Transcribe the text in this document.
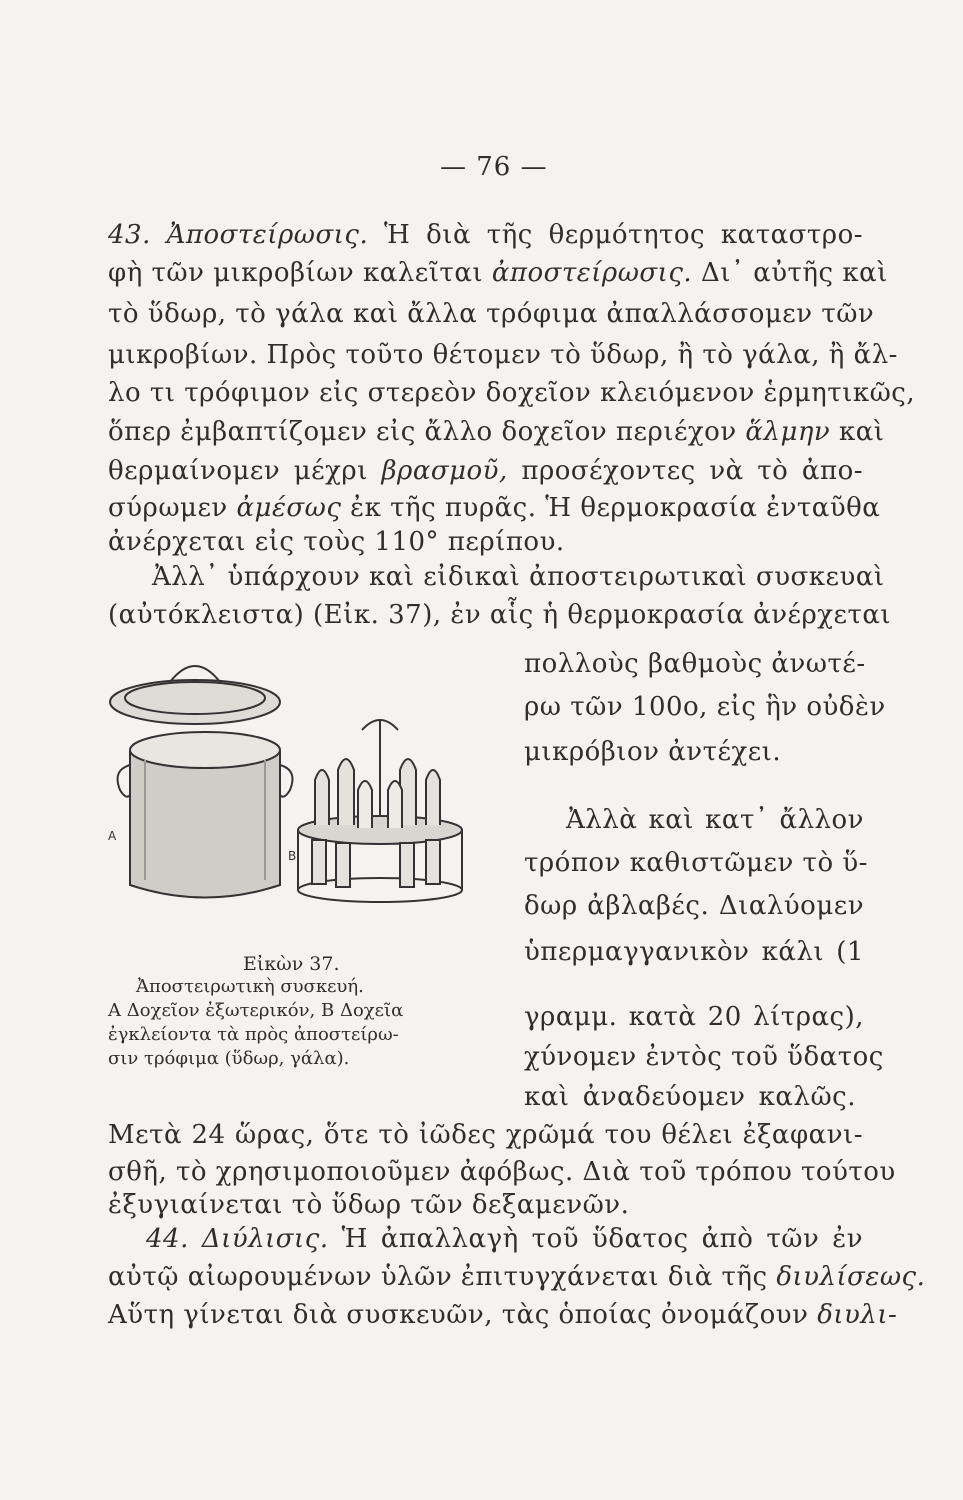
— 76 —
43. Ἀποστείρωσις. Ἡ διὰ τῆς θερμότητος καταστρο-
φὴ τῶν μικροβίων καλεῖται ἀποστείρωσις. Δι᾿ αὐτῆς καὶ
τὸ ὕδωρ, τὸ γάλα καὶ ἄλλα τρόφιμα ἀπαλλάσσομεν τῶν
μικροβίων. Πρὸς τοῦτο θέτομεν τὸ ὕδωρ, ἢ τὸ γάλα, ἢ ἄλ-
λο τι τρόφιμον εἰς στερεὸν δοχεῖον κλειόμενον ἑρμητικῶς,
ὅπερ ἐμβαπτίζομεν εἰς ἄλλο δοχεῖον περιέχον ἅλμην καὶ
θερμαίνομεν μέχρι βρασμοῦ, προσέχοντες νὰ τὸ ἀπο-
σύρωμεν ἀμέσως ἐκ τῆς πυρᾶς. Ἡ θερμοκρασία ἐνταῦθα
ἀνέρχεται εἰς τοὺς 110° περίπου.
Ἀλλ᾿ ὑπάρχουν καὶ εἰδικαὶ ἀποστειρωτικαὶ συσκευαὶ
(αὐτόκλειστα) (Εἰκ. 37), ἐν αἷς ἡ θερμοκρασία ἀνέρχεται
πολλοὺς βαθμοὺς ἀνωτέ-
ρω τῶν 100ο, εἰς ἣν οὐδὲν
μικρόβιον ἀντέχει.
Ἀλλὰ καὶ κατ᾿ ἄλλον
τρόπον καθιστῶμεν τὸ ὕ-
δωρ ἀβλαβές. Διαλύομεν
ὑπερμαγγανικὸν κάλι (1
γραμμ. κατὰ 20 λίτρας),
χύνομεν ἐντὸς τοῦ ὕδατος
καὶ ἀναδεύομεν καλῶς.
Α
Β
Εἰκὼν 37.
Ἀποστειρωτικὴ συσκευή.
Α Δοχεῖον ἐξωτερικόν, Β Δοχεῖα
ἐγκλείοντα τὰ πρὸς ἀποστείρω-
σιν τρόφιμα (ὕδωρ, γάλα).
Μετὰ 24 ὥρας, ὅτε τὸ ἰῶδες χρῶμά του θέλει ἐξαφανι-
σθῆ, τὸ χρησιμοποιοῦμεν ἀφόβως. Διὰ τοῦ τρόπου τούτου
ἐξυγιαίνεται τὸ ὕδωρ τῶν δεξαμενῶν.
44. Διύλισις. Ἡ ἀπαλλαγὴ τοῦ ὕδατος ἀπὸ τῶν ἐν
αὐτῷ αἰωρουμένων ὑλῶν ἐπιτυγχάνεται διὰ τῆς διυλίσεως.
Αὕτη γίνεται διὰ συσκευῶν, τὰς ὁποίας ὀνομάζουν διυλι-
